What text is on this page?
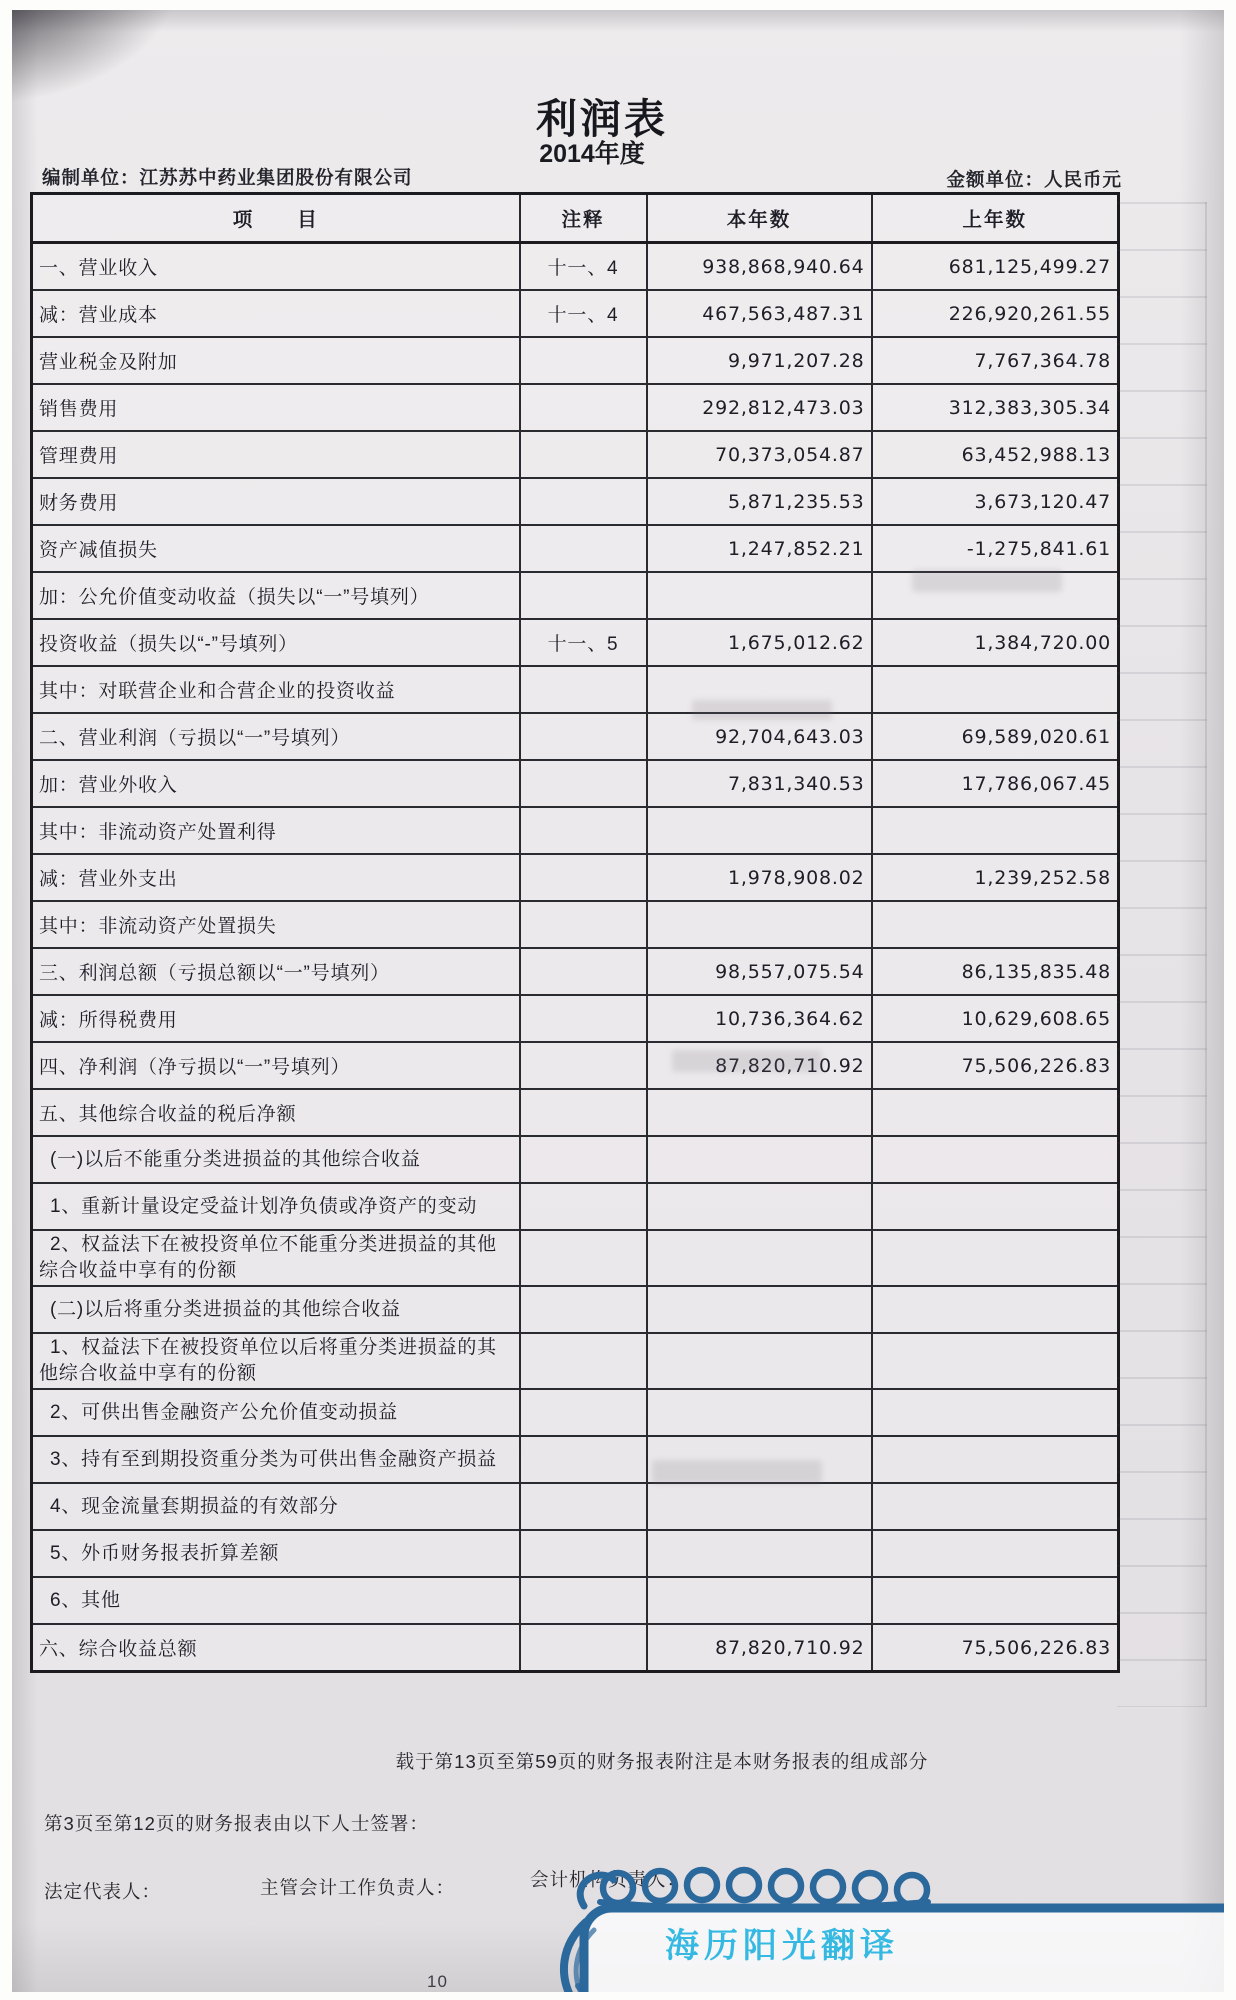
利润表
2014年度
编制单位：江苏苏中药业集团股份有限公司	金额单位：人民币元
项　　目	注释	本年数	上年数
一、营业收入	十一、4	938,868,940.64	681,125,499.27
减：营业成本	十一、4	467,563,487.31	226,920,261.55
营业税金及附加		9,971,207.28	7,767,364.78
销售费用		292,812,473.03	312,383,305.34
管理费用		70,373,054.87	63,452,988.13
财务费用		5,871,235.53	3,673,120.47
资产减值损失		1,247,852.21	-1,275,841.61
加：公允价值变动收益（损失以“一”号填列）			
投资收益（损失以“-”号填列）	十一、5	1,675,012.62	1,384,720.00
其中：对联营企业和合营企业的投资收益			
二、营业利润（亏损以“一”号填列）		92,704,643.03	69,589,020.61
加：营业外收入		7,831,340.53	17,786,067.45
其中：非流动资产处置利得			
减：营业外支出		1,978,908.02	1,239,252.58
其中：非流动资产处置损失			
三、利润总额（亏损总额以“一”号填列）		98,557,075.54	86,135,835.48
减：所得税费用		10,736,364.62	10,629,608.65
四、净利润（净亏损以“一”号填列）		87,820,710.92	75,506,226.83
五、其他综合收益的税后净额			
(一)以后不能重分类进损益的其他综合收益			
1、重新计量设定受益计划净负债或净资产的变动			
2、权益法下在被投资单位不能重分类进损益的其他综合收益中享有的份额			
(二)以后将重分类进损益的其他综合收益			
1、权益法下在被投资单位以后将重分类进损益的其他综合收益中享有的份额			
2、可供出售金融资产公允价值变动损益			
3、持有至到期投资重分类为可供出售金融资产损益			
4、现金流量套期损益的有效部分			
5、外币财务报表折算差额			
6、其他			
六、综合收益总额		87,820,710.92	75,506,226.83
载于第13页至第59页的财务报表附注是本财务报表的组成部分
第3页至第12页的财务报表由以下人士签署：
法定代表人：	主管会计工作负责人：	会计机构负责人：
10
海历阳光翻译
